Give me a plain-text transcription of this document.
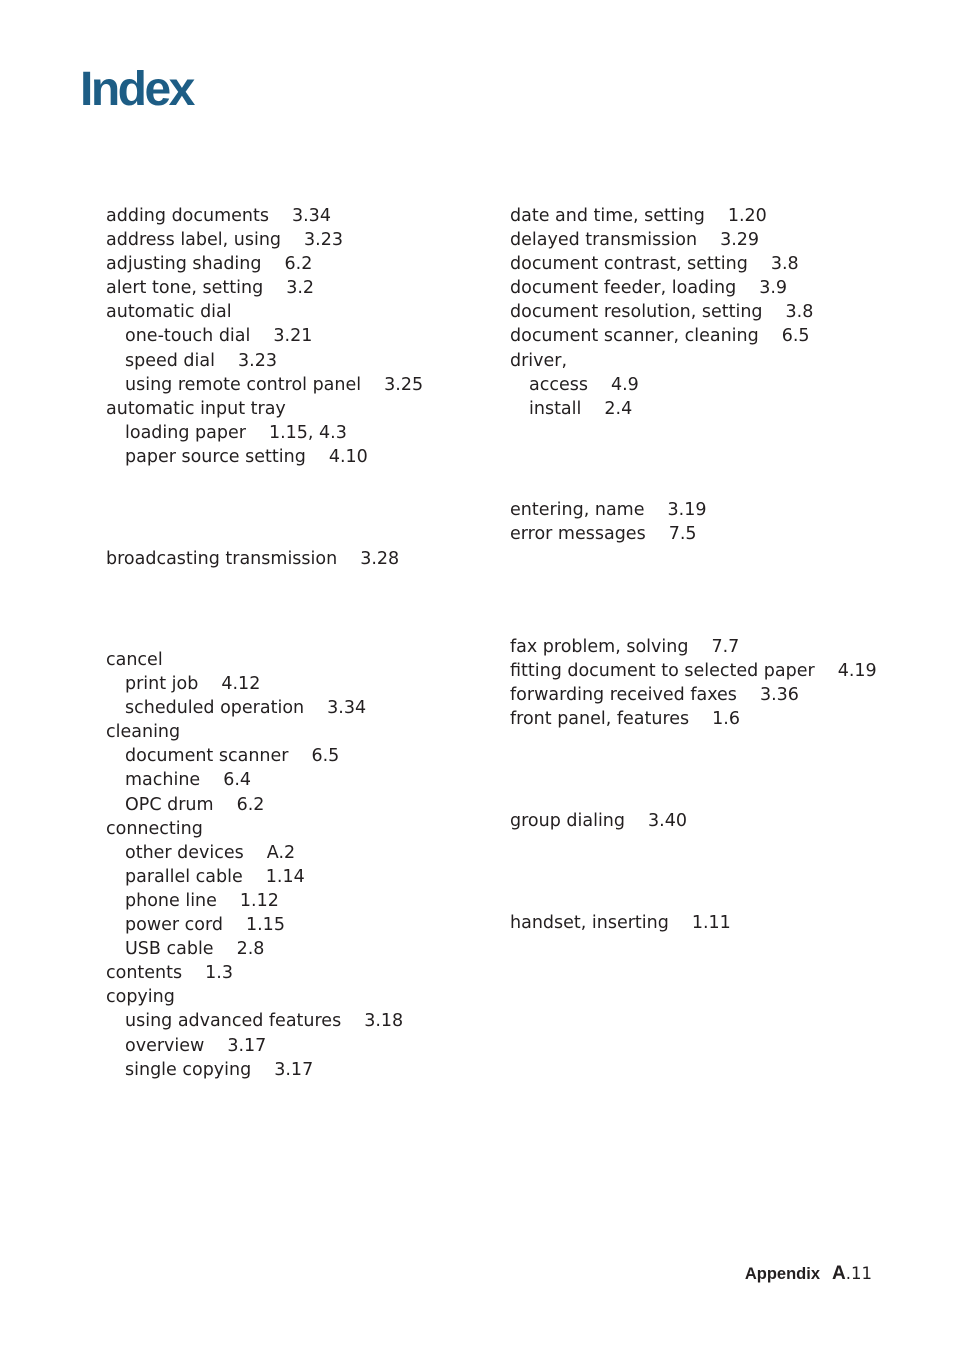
Index
adding documents 3.34
address label, using 3.23
adjusting shading 6.2
alert tone, setting 3.2
automatic dial
one-touch dial 3.21
speed dial 3.23
using remote control panel 3.25
automatic input tray
loading paper 1.15, 4.3
paper source setting 4.10
broadcasting transmission 3.28
cancel
print job 4.12
scheduled operation 3.34
cleaning
document scanner 6.5
machine 6.4
OPC drum 6.2
connecting
other devices A.2
parallel cable 1.14
phone line 1.12
power cord 1.15
USB cable 2.8
contents 1.3
copying
using advanced features 3.18
overview 3.17
single copying 3.17
date and time, setting 1.20
delayed transmission 3.29
document contrast, setting 3.8
document feeder, loading 3.9
document resolution, setting 3.8
document scanner, cleaning 6.5
driver,
access 4.9
install 2.4
entering, name 3.19
error messages 7.5
fax problem, solving 7.7
fitting document to selected paper 4.19
forwarding received faxes 3.36
front panel, features 1.6
group dialing 3.40
handset, inserting 1.11
Appendix A.11
